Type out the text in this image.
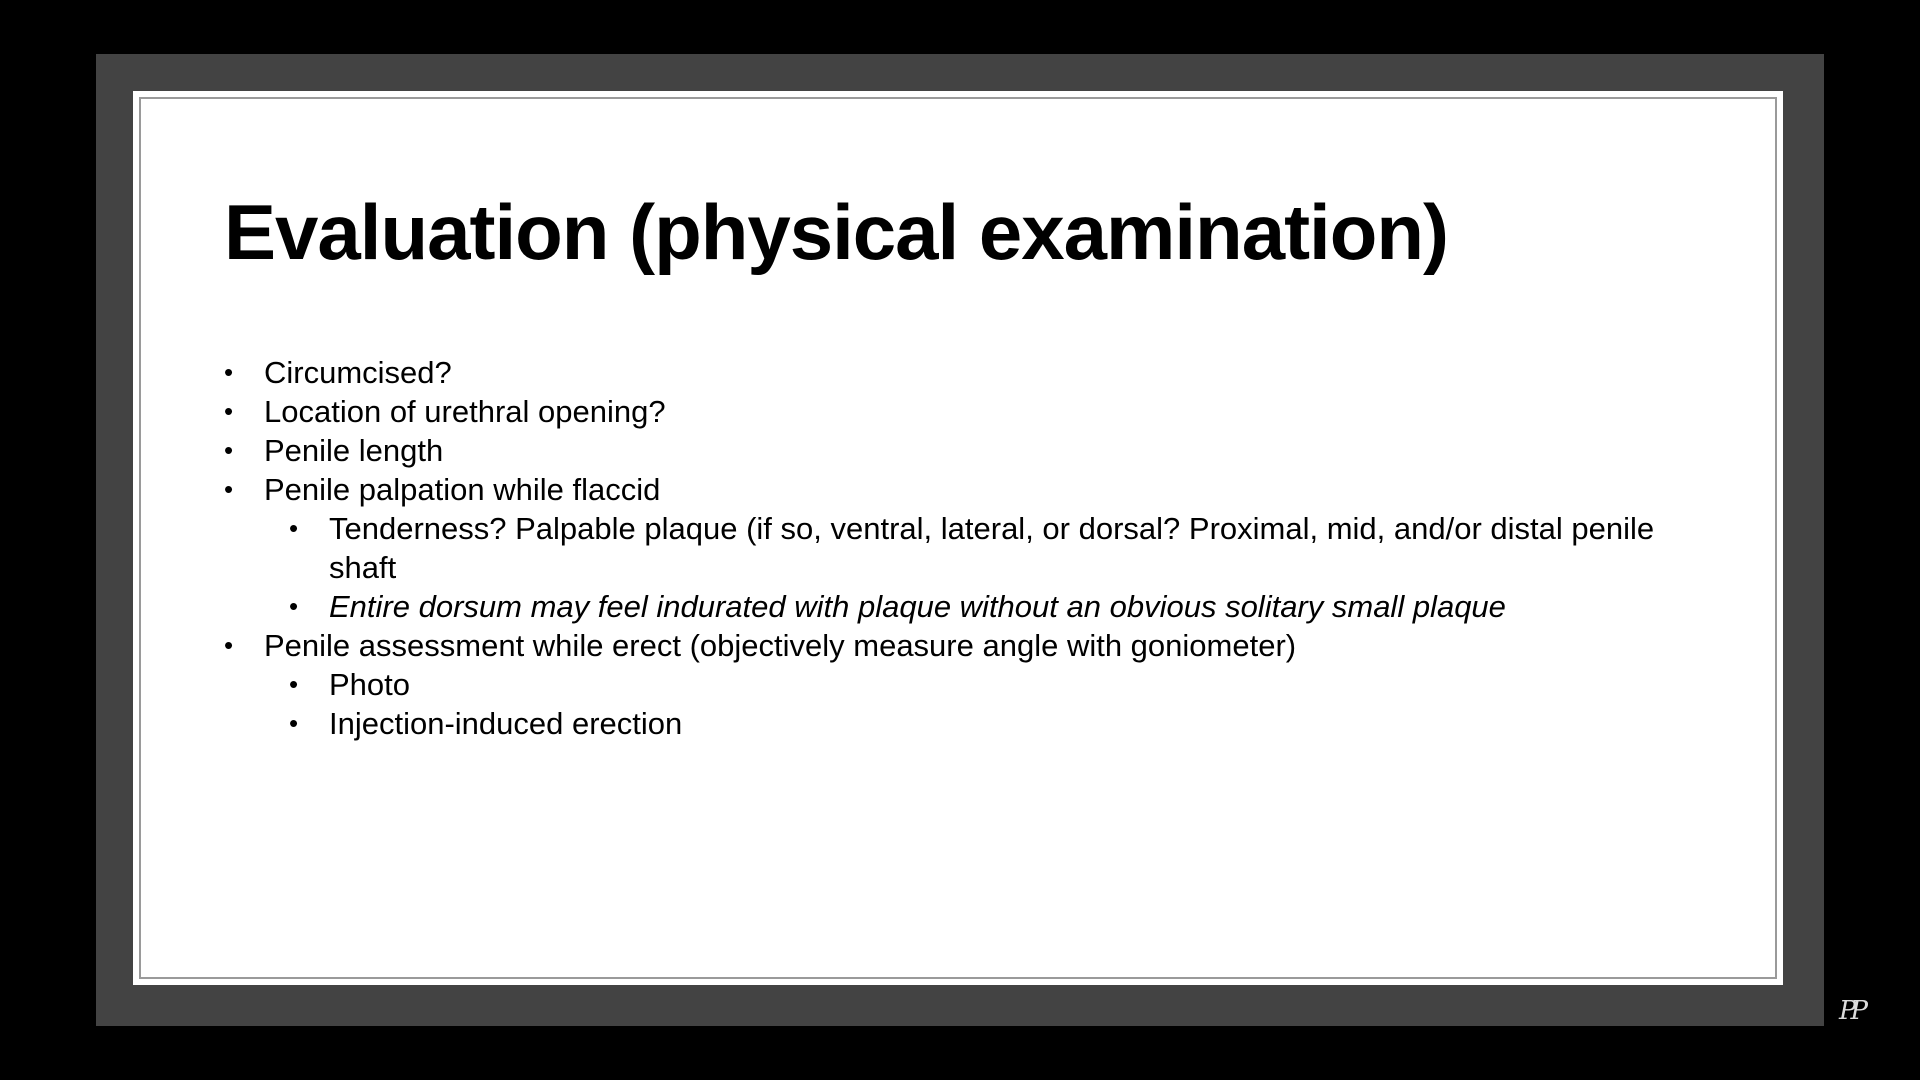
Evaluation (physical examination)
• Circumcised?
• Location of urethral opening?
• Penile length
• Penile palpation while flaccid
• Tenderness? Palpable plaque (if so, ventral, lateral, or dorsal? Proximal, mid, and/or distal penile shaft
• Entire dorsum may feel indurated with plaque without an obvious solitary small plaque
• Penile assessment while erect (objectively measure angle with goniometer)
• Photo
• Injection-induced erection
PP
